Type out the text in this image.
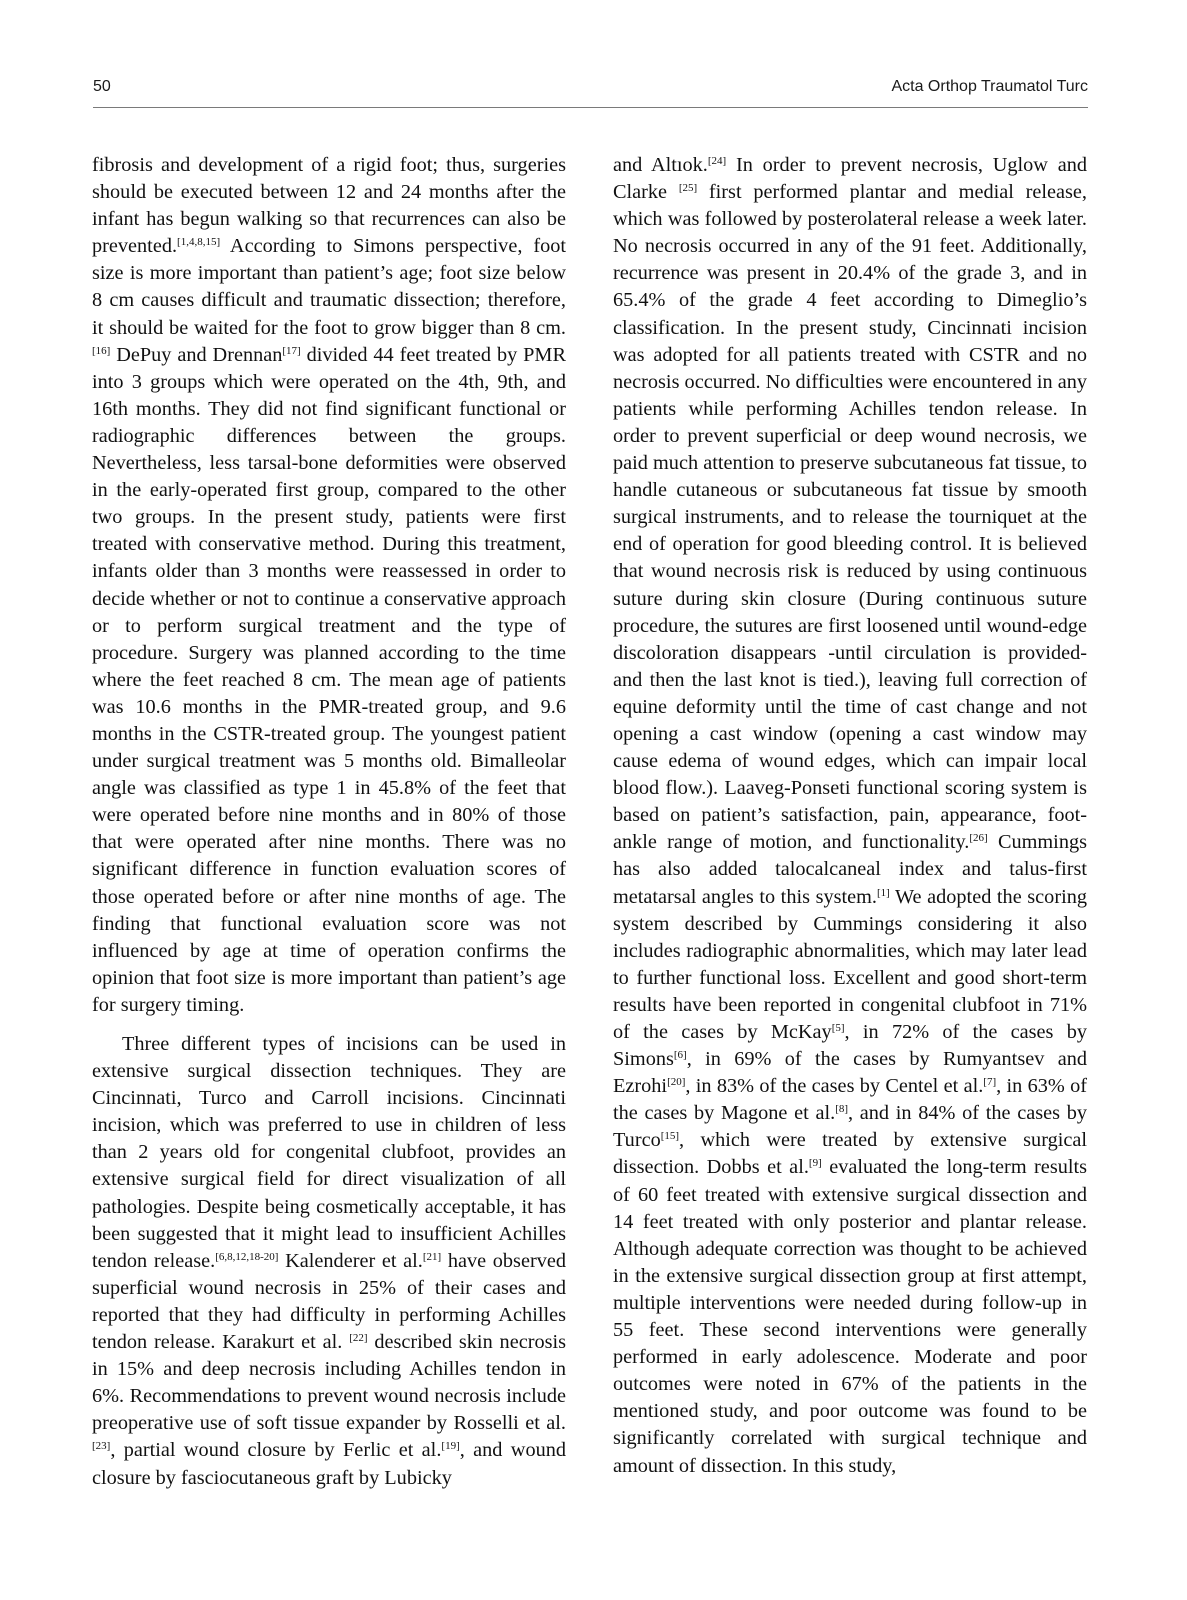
50	Acta Orthop Traumatol Turc

fibrosis and development of a rigid foot; thus, surgeries should be executed between 12 and 24 months after the infant has begun walking so that recurrences can also be prevented.[1,4,8,15] According to Simons perspective, foot size is more important than patient’s age; foot size below 8 cm causes difficult and traumatic dissection; therefore, it should be waited for the foot to grow bigger than 8 cm.[16] DePuy and Drennan[17] divided 44 feet treated by PMR into 3 groups which were operated on the 4th, 9th, and 16th months. They did not find significant functional or radiographic differences between the groups. Nevertheless, less tarsal-bone deformities were observed in the early-operated first group, compared to the other two groups. In the present study, patients were first treated with conservative method. During this treatment, infants older than 3 months were reassessed in order to decide whether or not to continue a conservative approach or to perform surgical treatment and the type of procedure. Surgery was planned according to the time where the feet reached 8 cm. The mean age of patients was 10.6 months in the PMR-treated group, and 9.6 months in the CSTR-treated group. The youngest patient under surgical treatment was 5 months old. Bimalleolar angle was classified as type 1 in 45.8% of the feet that were operated before nine months and in 80% of those that were operated after nine months. There was no significant difference in function evaluation scores of those operated before or after nine months of age. The finding that functional evaluation score was not influenced by age at time of operation confirms the opinion that foot size is more important than patient’s age for surgery timing.

Three different types of incisions can be used in extensive surgical dissection techniques. They are Cincinnati, Turco and Carroll incisions. Cincinnati incision, which was preferred to use in children of less than 2 years old for congenital clubfoot, provides an extensive surgical field for direct visualization of all pathologies. Despite being cosmetically acceptable, it has been suggested that it might lead to insufficient Achilles tendon release.[6,8,12,18-20] Kalenderer et al.[21] have observed superficial wound necrosis in 25% of their cases and reported that they had difficulty in performing Achilles tendon release. Karakurt et al. [22] described skin necrosis in 15% and deep necrosis including Achilles tendon in 6%. Recommendations to prevent wound necrosis include preoperative use of soft tissue expander by Rosselli et al. [23], partial wound closure by Ferlic et al.[19], and wound closure by fasciocutaneous graft by Lubicky

and Altıok.[24] In order to prevent necrosis, Uglow and Clarke [25] first performed plantar and medial release, which was followed by posterolateral release a week later. No necrosis occurred in any of the 91 feet. Additionally, recurrence was present in 20.4% of the grade 3, and in 65.4% of the grade 4 feet according to Dimeglio’s classification. In the present study, Cincinnati incision was adopted for all patients treated with CSTR and no necrosis occurred. No difficulties were encountered in any patients while performing Achilles tendon release. In order to prevent superficial or deep wound necrosis, we paid much attention to preserve subcutaneous fat tissue, to handle cutaneous or subcutaneous fat tissue by smooth surgical instruments, and to release the tourniquet at the end of operation for good bleeding control. It is believed that wound necrosis risk is reduced by using continuous suture during skin closure (During continuous suture procedure, the sutures are first loosened until wound-edge discoloration disappears -until circulation is provided- and then the last knot is tied.), leaving full correction of equine deformity until the time of cast change and not opening a cast window (opening a cast window may cause edema of wound edges, which can impair local blood flow.). Laaveg-Ponseti functional scoring system is based on patient’s satisfaction, pain, appearance, foot-ankle range of motion, and functionality.[26] Cummings has also added talocalcaneal index and talus-first metatarsal angles to this system.[1] We adopted the scoring system described by Cummings considering it also includes radiographic abnormalities, which may later lead to further functional loss. Excellent and good short-term results have been reported in congenital clubfoot in 71% of the cases by McKay[5], in 72% of the cases by Simons[6], in 69% of the cases by Rumyantsev and Ezrohi[20], in 83% of the cases by Centel et al.[7], in 63% of the cases by Magone et al.[8], and in 84% of the cases by Turco[15], which were treated by extensive surgical dissection. Dobbs et al.[9] evaluated the long-term results of 60 feet treated with extensive surgical dissection and 14 feet treated with only posterior and plantar release. Although adequate correction was thought to be achieved in the extensive surgical dissection group at first attempt, multiple interventions were needed during follow-up in 55 feet. These second interventions were generally performed in early adolescence. Moderate and poor outcomes were noted in 67% of the patients in the mentioned study, and poor outcome was found to be significantly correlated with surgical technique and amount of dissection. In this study,
